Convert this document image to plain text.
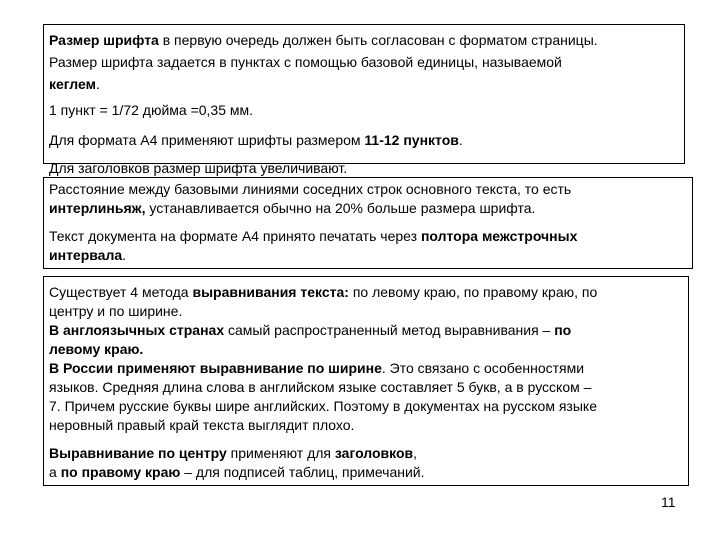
Размер шрифта в первую очередь должен быть согласован с форматом страницы.
Размер шрифта задается в пунктах с помощью базовой единицы, называемой
кеглем.
1 пункт = 1/72 дюйма =0,35 мм.
Для формата А4 применяют шрифты размером 11-12 пунктов.
Для заголовков размер шрифта увеличивают.
Расстояние между базовыми линиями соседних строк основного текста, то есть
интерлиньяж, устанавливается обычно на 20% больше размера шрифта.
Текст документа на формате А4 принято печатать через полтора межстрочных
интервала.
Существует 4 метода выравнивания текста: по левому краю, по правому краю, по
центру и по ширине.
В англоязычных странах самый распространенный метод выравнивания – по
левому краю.
В России применяют выравнивание по ширине. Это связано с особенностями
языков. Средняя длина слова в английском языке составляет 5 букв, а в русском –
7. Причем русские буквы шире английских. Поэтому в документах на русском языке
неровный правый край текста выглядит плохо.
Выравнивание по центру применяют для заголовков,
а по правому краю – для подписей таблиц, примечаний.
11
